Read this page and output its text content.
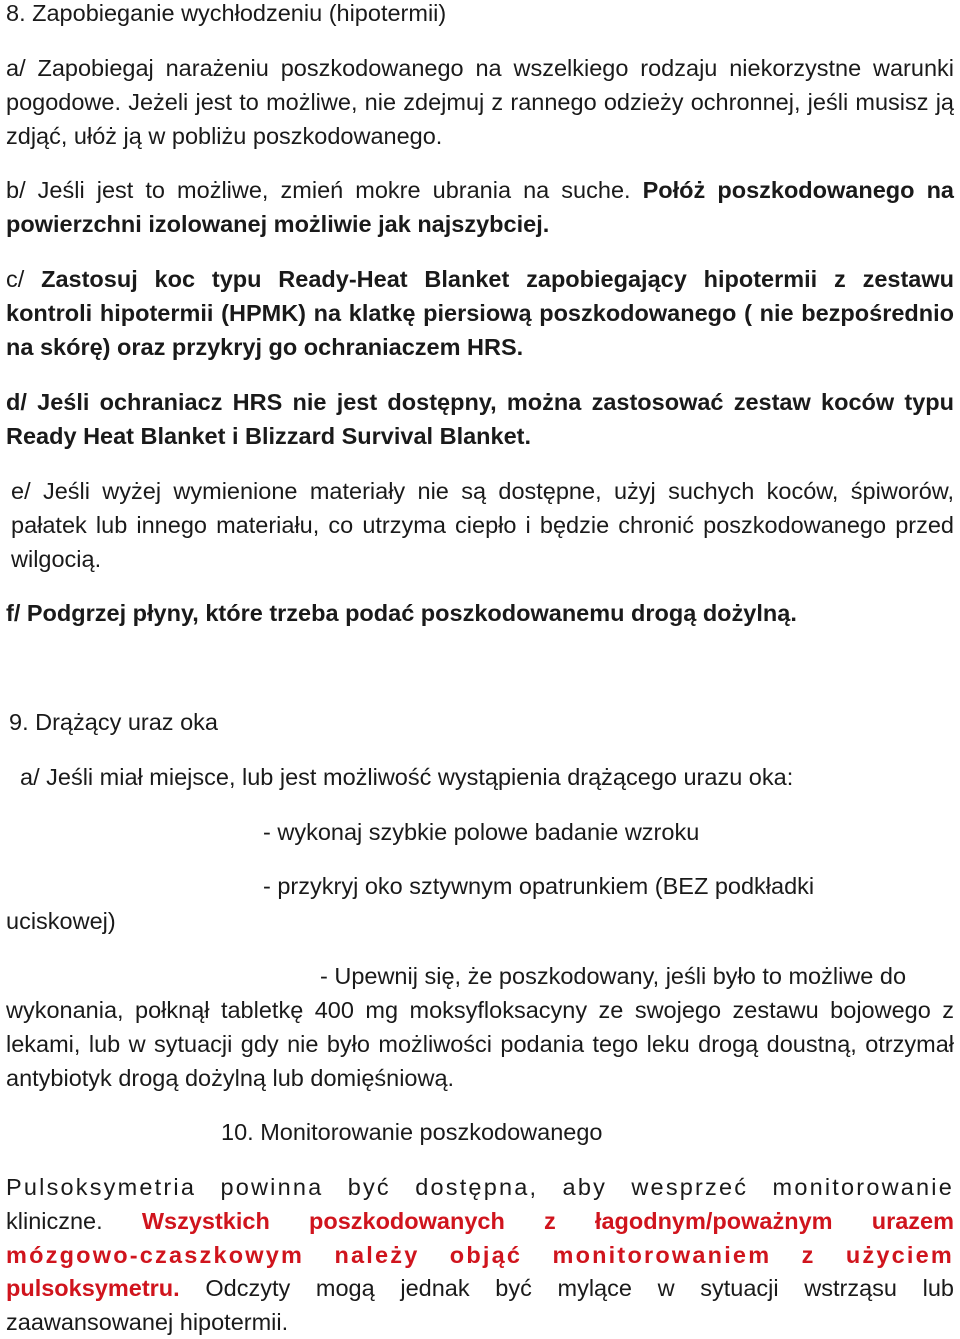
8. Zapobieganie wychłodzeniu (hipotermii)

a/ Zapobiegaj narażeniu poszkodowanego na wszelkiego rodzaju niekorzystne warunki pogodowe. Jeżeli jest to możliwe, nie zdejmuj z rannego odzieży ochronnej, jeśli musisz ją zdjąć, ułóż ją w pobliżu poszkodowanego.

b/ Jeśli jest to możliwe, zmień mokre ubrania na suche. Połóż poszkodowanego na powierzchni izolowanej możliwie jak najszybciej.

c/ Zastosuj koc typu Ready-Heat Blanket zapobiegający hipotermii z zestawu kontroli hipotermii (HPMK) na klatkę piersiową poszkodowanego ( nie bezpośrednio na skórę) oraz przykryj go ochraniaczem HRS.

d/ Jeśli ochraniacz HRS nie jest dostępny, można zastosować zestaw koców typu Ready Heat Blanket i Blizzard Survival Blanket.

e/ Jeśli wyżej wymienione materiały nie są dostępne, użyj suchych koców, śpiworów, pałatek lub innego materiału, co utrzyma ciepło i będzie chronić poszkodowanego przed wilgocią.

f/ Podgrzej płyny, które trzeba podać poszkodowanemu drogą dożylną.

9. Drążący uraz oka

a/ Jeśli miał miejsce, lub jest możliwość wystąpienia drążącego urazu oka:

- wykonaj szybkie polowe badanie wzroku

- przykryj oko sztywnym opatrunkiem (BEZ podkładki

uciskowej)

- Upewnij się, że poszkodowany, jeśli było to możliwe do

wykonania, połknął tabletkę 400 mg moksyfloksacyny ze swojego zestawu bojowego z lekami, lub w sytuacji gdy nie było możliwości podania tego leku drogą doustną, otrzymał antybiotyk drogą dożylną lub domięśniową.

10. Monitorowanie poszkodowanego

Pulsoksymetria powinna być dostępna, aby wesprzeć monitorowanie

kliniczne. Wszystkich poszkodowanych z łagodnym/poważnym urazem

mózgowo-czaszkowym należy objąć monitorowaniem z użyciem

pulsoksymetru. Odczyty mogą jednak być mylące w sytuacji wstrząsu lub zaawansowanej hipotermii.
